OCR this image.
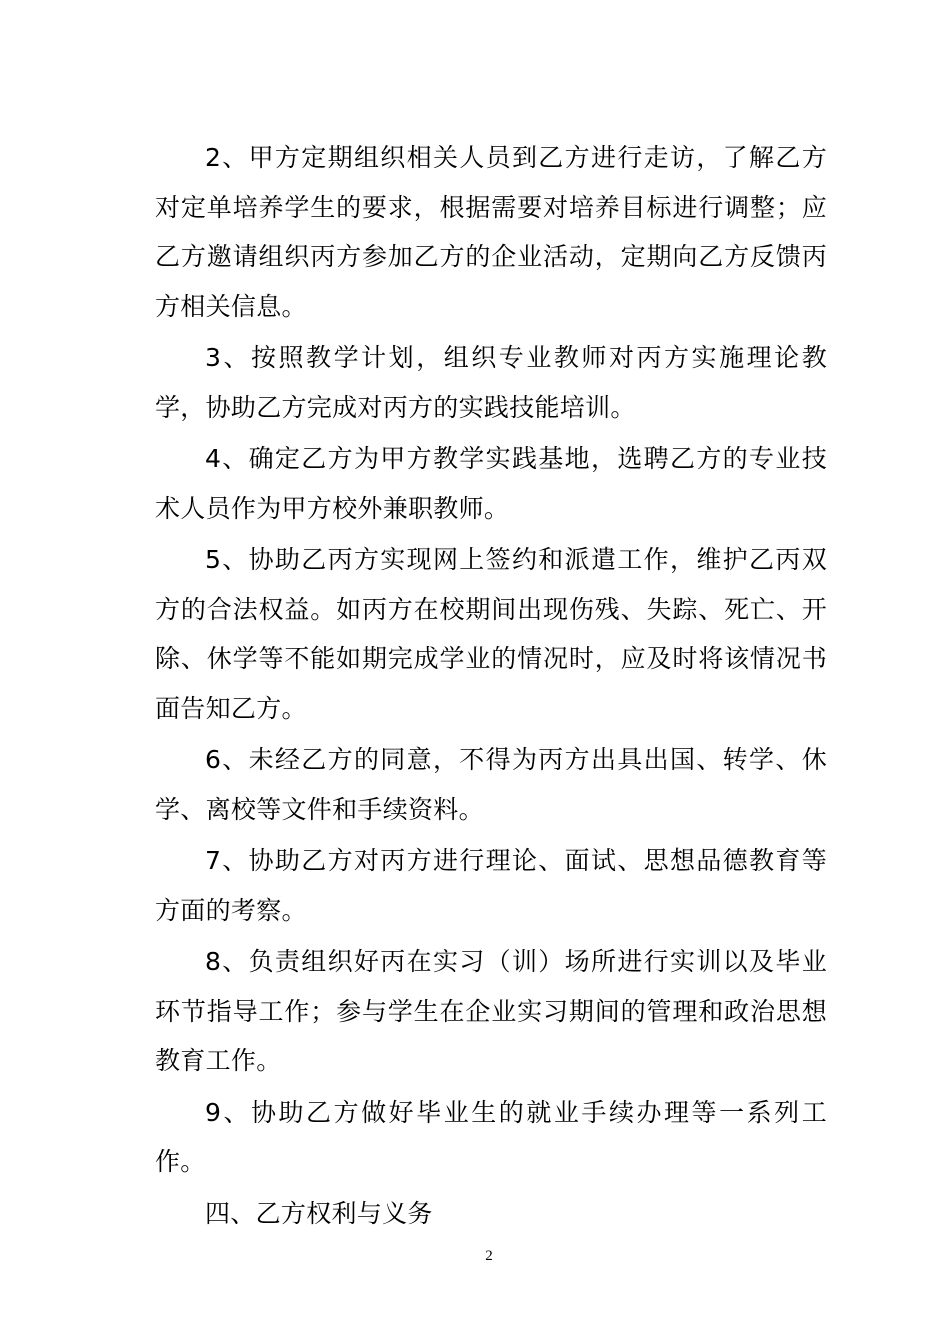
2、甲方定期组织相关人员到乙方进行走访，了解乙方对定单培养学生的要求，根据需要对培养目标进行调整；应乙方邀请组织丙方参加乙方的企业活动，定期向乙方反馈丙方相关信息。

3、按照教学计划，组织专业教师对丙方实施理论教学，协助乙方完成对丙方的实践技能培训。

4、确定乙方为甲方教学实践基地，选聘乙方的专业技术人员作为甲方校外兼职教师。

5、协助乙丙方实现网上签约和派遣工作，维护乙丙双方的合法权益。如丙方在校期间出现伤残、失踪、死亡、开除、休学等不能如期完成学业的情况时，应及时将该情况书面告知乙方。

6、未经乙方的同意，不得为丙方出具出国、转学、休学、离校等文件和手续资料。

7、协助乙方对丙方进行理论、面试、思想品德教育等方面的考察。

8、负责组织好丙在实习（训）场所进行实训以及毕业环节指导工作；参与学生在企业实习期间的管理和政治思想教育工作。

9、协助乙方做好毕业生的就业手续办理等一系列工作。

四、乙方权利与义务

2
